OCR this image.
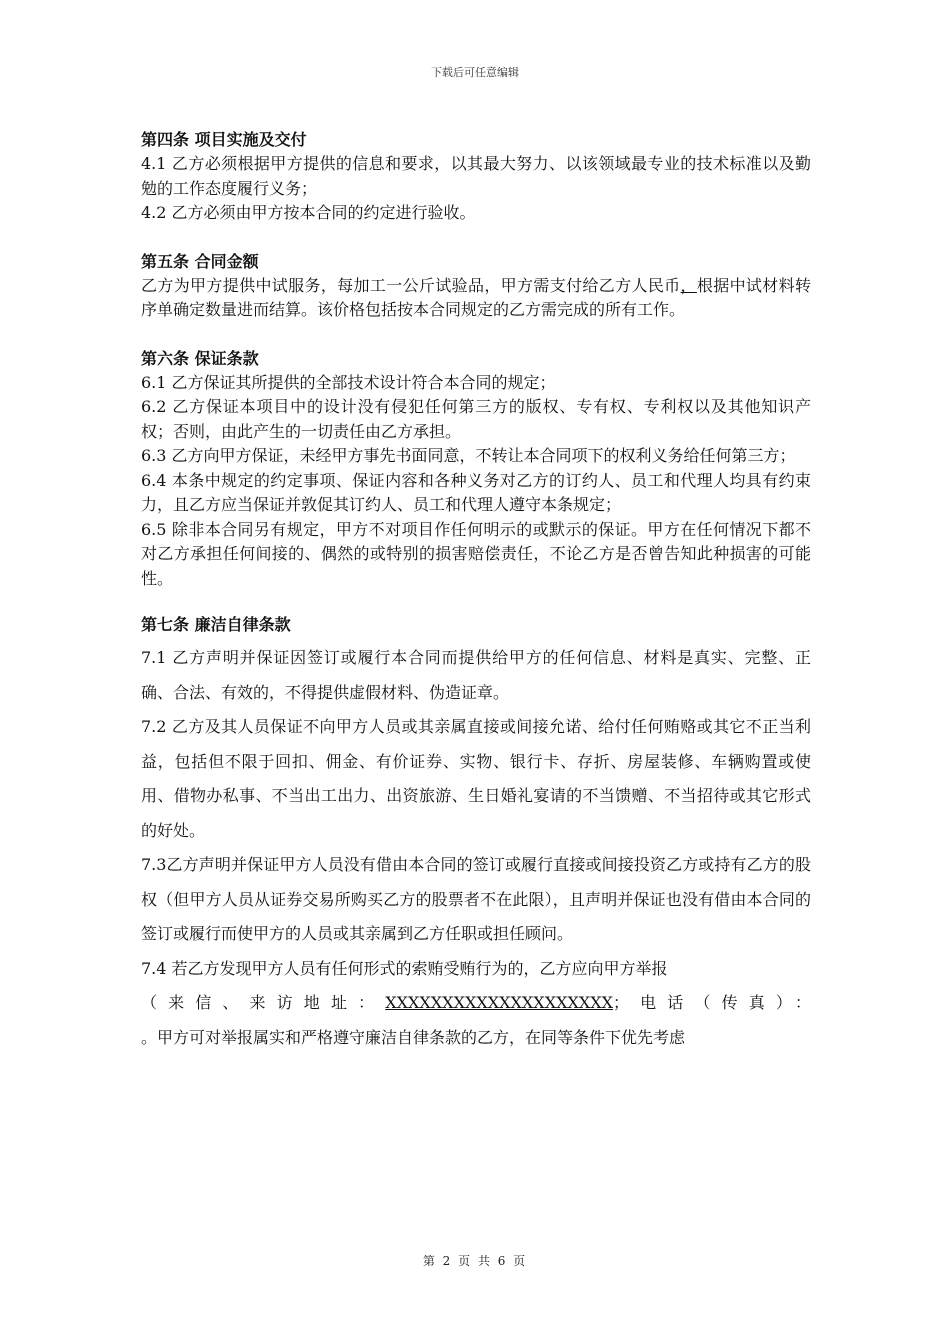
下载后可任意编辑

第四条 项目实施及交付

4.1 乙方必须根据甲方提供的信息和要求，以其最大努力、以该领域最专业的技术标准以及勤勉的工作态度履行义务；

4.2 乙方必须由甲方按本合同的约定进行验收。

第五条 合同金额

乙方为甲方提供中试服务，每加工一公斤试验品，甲方需支付给乙方人民币，根据中试材料转序单确定数量进而结算。该价格包括按本合同规定的乙方需完成的所有工作。

第六条 保证条款

6.1 乙方保证其所提供的全部技术设计符合本合同的规定；

6.2 乙方保证本项目中的设计没有侵犯任何第三方的版权、专有权、专利权以及其他知识产权；否则，由此产生的一切责任由乙方承担。

6.3 乙方向甲方保证，未经甲方事先书面同意，不转让本合同项下的权利义务给任何第三方；

6.4 本条中规定的约定事项、保证内容和各种义务对乙方的订约人、员工和代理人均具有约束力，且乙方应当保证并敦促其订约人、员工和代理人遵守本条规定；

6.5 除非本合同另有规定，甲方不对项目作任何明示的或默示的保证。甲方在任何情况下都不对乙方承担任何间接的、偶然的或特别的损害赔偿责任，不论乙方是否曾告知此种损害的可能性。

第七条 廉洁自律条款

7.1 乙方声明并保证因签订或履行本合同而提供给甲方的任何信息、材料是真实、完整、正确、合法、有效的，不得提供虚假材料、伪造证章。

7.2 乙方及其人员保证不向甲方人员或其亲属直接或间接允诺、给付任何贿赂或其它不正当利益，包括但不限于回扣、佣金、有价证券、实物、银行卡、存折、房屋装修、车辆购置或使用、借物办私事、不当出工出力、出资旅游、生日婚礼宴请的不当馈赠、不当招待或其它形式的好处。

7.3乙方声明并保证甲方人员没有借由本合同的签订或履行直接或间接投资乙方或持有乙方的股权（但甲方人员从证券交易所购买乙方的股票者不在此限），且声明并保证也没有借由本合同的签订或履行而使甲方的人员或其亲属到乙方任职或担任顾问。

7.4 若乙方发现甲方人员有任何形式的索贿受贿行为的，乙方应向甲方举报

（来信、来访地址：XXXXXXXXXXXXXXXXXXXX；电话（传真）：

。甲方可对举报属实和严格遵守廉洁自律条款的乙方，在同等条件下优先考虑

第 2 页 共 6 页
